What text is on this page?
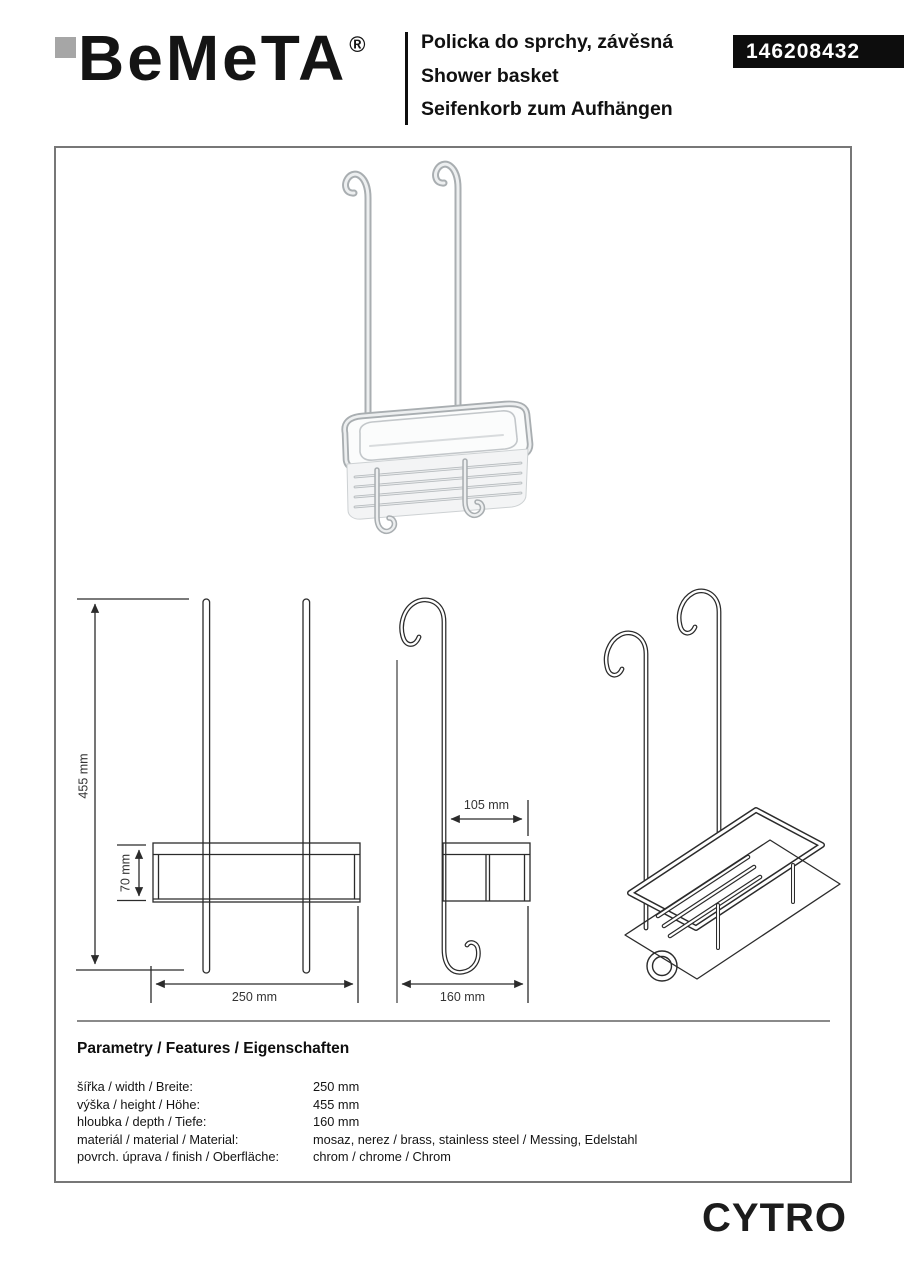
BeMeTA®	Policka do sprchy, závěsná
Shower basket
Seifenkorb zum Aufhängen
146208432
455 mm
70 mm
250 mm
105 mm
160 mm
Parametry / Features / Eigenschaften
šířka / width / Breite:	250 mm
výška / height / Höhe:	455 mm
hloubka / depth / Tiefe:	160 mm
materiál / material / Material:	mosaz, nerez / brass, stainless steel / Messing, Edelstahl
povrch. úprava / finish / Oberfläche:	chrom / chrome / Chrom
CYTRO
